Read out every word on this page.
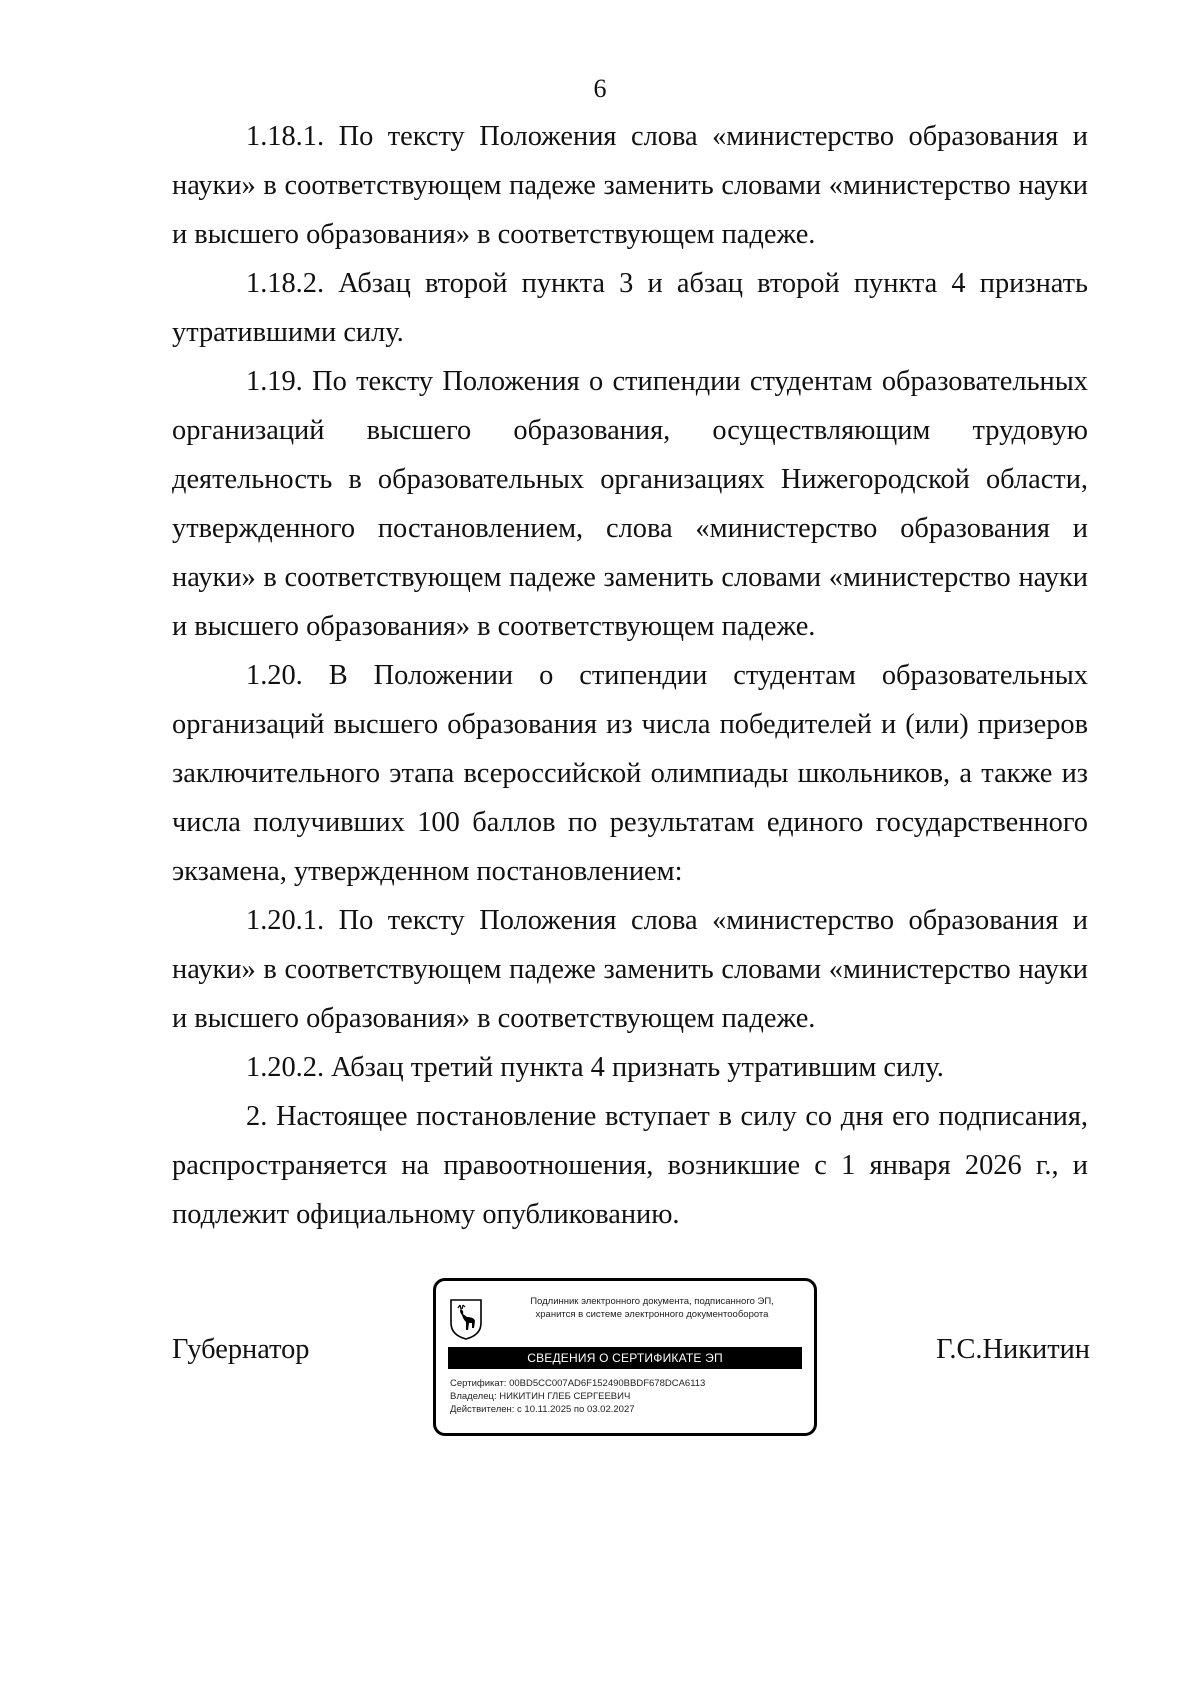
6

1.18.1. По тексту Положения слова «министерство образования и науки» в соответствующем падеже заменить словами «министерство науки и высшего образования» в соответствующем падеже.

1.18.2. Абзац второй пункта 3 и абзац второй пункта 4 признать утратившими силу.

1.19. По тексту Положения о стипендии студентам образовательных организаций высшего образования, осуществляющим трудовую деятельность в образовательных организациях Нижегородской области, утвержденного постановлением, слова «министерство образования и науки» в соответствующем падеже заменить словами «министерство науки и высшего образования» в соответствующем падеже.

1.20. В Положении о стипендии студентам образовательных организаций высшего образования из числа победителей и (или) призеров заключительного этапа всероссийской олимпиады школьников, а также из числа получивших 100 баллов по результатам единого государственного экзамена, утвержденном постановлением:

1.20.1. По тексту Положения слова «министерство образования и науки» в соответствующем падеже заменить словами «министерство науки и высшего образования» в соответствующем падеже.

1.20.2. Абзац третий пункта 4 признать утратившим силу.

2. Настоящее постановление вступает в силу со дня его подписания, распространяется на правоотношения, возникшие с 1 января 2026 г., и подлежит официальному опубликованию.

Губернатор
Подлинник электронного документа, подписанного ЭП,
хранится в системе электронного документооборота
СВЕДЕНИЯ О СЕРТИФИКАТЕ ЭП
Сертификат: 00BD5CC007AD6F152490BBDF678DCA6113
Владелец: НИКИТИН ГЛЕБ СЕРГЕЕВИЧ
Действителен: с 10.11.2025 по 03.02.2027
Г.С.Никитин
